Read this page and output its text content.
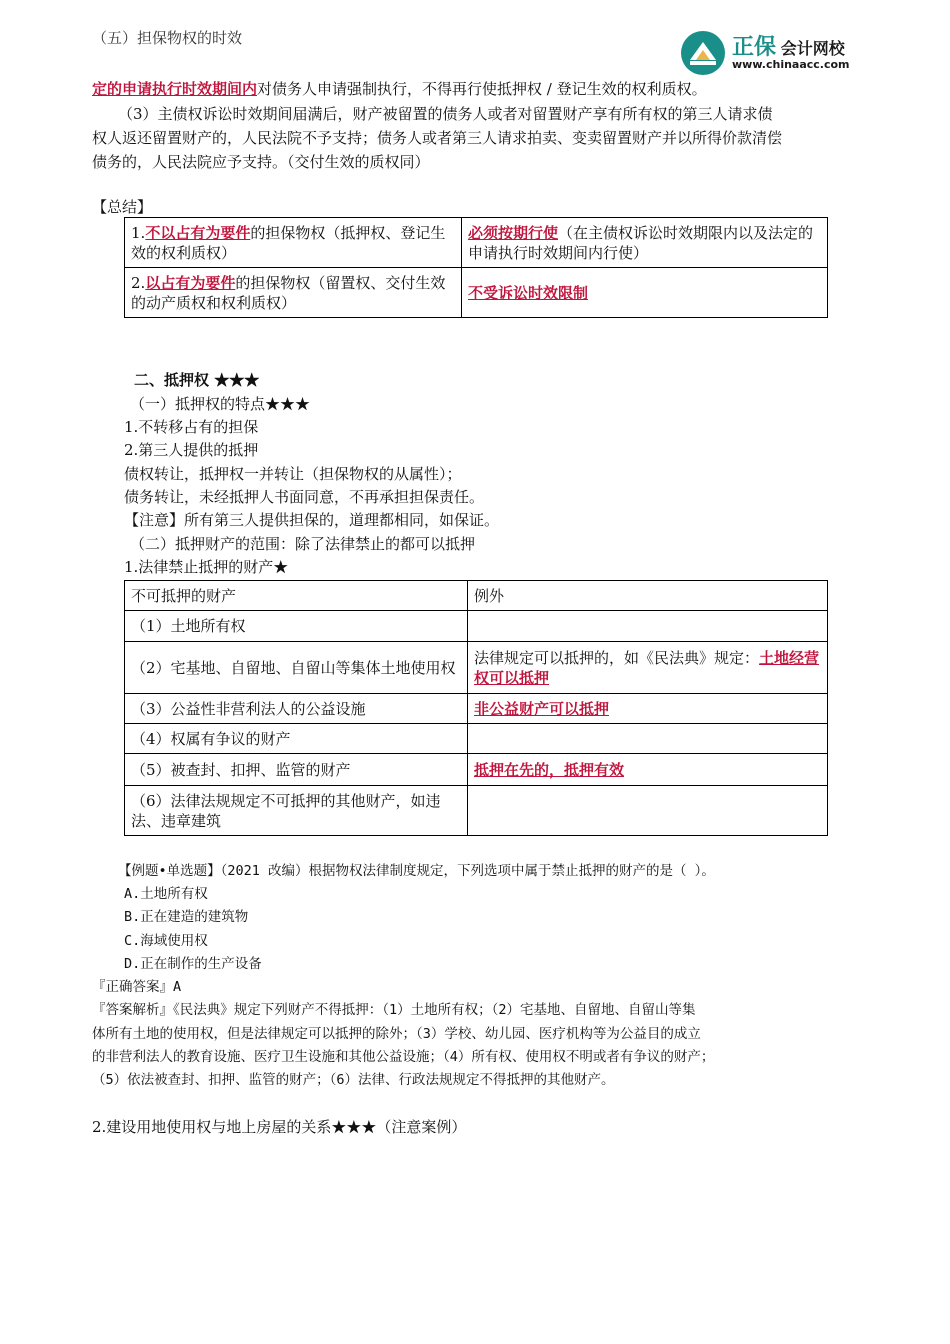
（五）担保物权的时效	正保 会计网校
www.chinaacc.com
定的申请执行时效期间内对债务人申请强制执行，不得再行使抵押权 / 登记生效的权利质权。
（3）主债权诉讼时效期间届满后，财产被留置的债务人或者对留置财产享有所有权的第三人请求债
权人返还留置财产的，人民法院不予支持；债务人或者第三人请求拍卖、变卖留置财产并以所得价款清偿
债务的，人民法院应予支持。（交付生效的质权同）
【总结】
1.不以占有为要件的担保物权（抵押权、登记生效的权利质权）	必须按期行使（在主债权诉讼时效期限内以及法定的申请执行时效期间内行使）
2.以占有为要件的担保物权（留置权、交付生效的动产质权和权利质权）	不受诉讼时效限制
二、抵押权 ★★★
（一）抵押权的特点★★★
1.不转移占有的担保
2.第三人提供的抵押
债权转让，抵押权一并转让（担保物权的从属性）；
债务转让，未经抵押人书面同意，不再承担担保责任。
【注意】所有第三人提供担保的，道理都相同，如保证。
（二）抵押财产的范围：除了法律禁止的都可以抵押
1.法律禁止抵押的财产★
不可抵押的财产	例外
（1）土地所有权	
（2）宅基地、自留地、自留山等集体土地使用权	法律规定可以抵押的，如《民法典》规定：土地经营权可以抵押
（3）公益性非营利法人的公益设施	非公益财产可以抵押
（4）权属有争议的财产	
（5）被查封、扣押、监管的财产	抵押在先的，抵押有效
（6）法律法规规定不可抵押的其他财产，如违法、违章建筑	
【例题•单选题】（2021 改编）根据物权法律制度规定，下列选项中属于禁止抵押的财产的是（ ）。
A.土地所有权
B.正在建造的建筑物
C.海域使用权
D.正在制作的生产设备
『正确答案』A
『答案解析』《民法典》规定下列财产不得抵押：（1）土地所有权；（2）宅基地、自留地、自留山等集
体所有土地的使用权，但是法律规定可以抵押的除外；（3）学校、幼儿园、医疗机构等为公益目的成立
的非营利法人的教育设施、医疗卫生设施和其他公益设施；（4）所有权、使用权不明或者有争议的财产；
（5）依法被查封、扣押、监管的财产；（6）法律、行政法规规定不得抵押的其他财产。
2.建设用地使用权与地上房屋的关系★★★（注意案例）
